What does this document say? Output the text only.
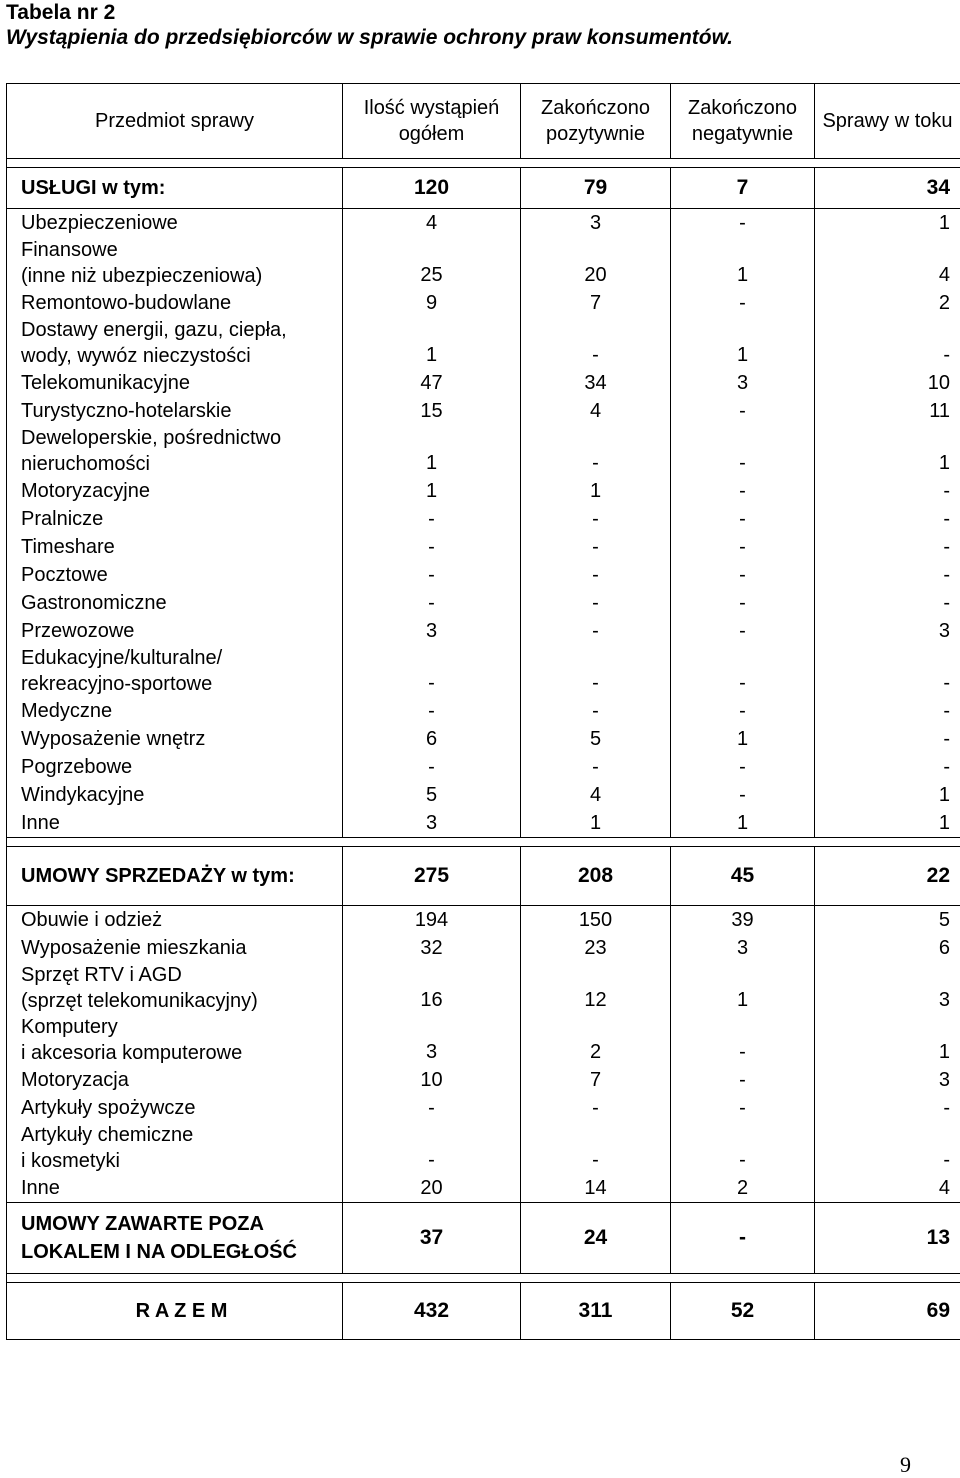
Tabela nr 2
Wystąpienia do przedsiębiorców w sprawie ochrony praw konsumentów.
Przedmiot sprawy	Ilość wystąpień ogółem	Zakończono pozytywnie	Zakończono negatywnie	Sprawy w toku

USŁUGI w tym:	120	79	7	34
Ubezpieczeniowe	4	3	-	1
Finansowe
(inne niż ubezpieczeniowa)	25	20	1	4
Remontowo-budowlane	9	7	-	2
Dostawy energii, gazu, ciepła,
wody, wywóz nieczystości	1	-	1	-
Telekomunikacyjne	47	34	3	10
Turystyczno-hotelarskie	15	4	-	11
Deweloperskie, pośrednictwo
nieruchomości	1	-	-	1
Motoryzacyjne	1	1	-	-
Pralnicze	-	-	-	-
Timeshare	-	-	-	-
Pocztowe	-	-	-	-
Gastronomiczne	-	-	-	-
Przewozowe	3	-	-	3
Edukacyjne/kulturalne/
rekreacyjno-sportowe	-	-	-	-
Medyczne	-	-	-	-
Wyposażenie wnętrz	6	5	1	-
Pogrzebowe	-	-	-	-
Windykacyjne	5	4	-	1
Inne	3	1	1	1

UMOWY SPRZEDAŻY w tym:	275	208	45	22
Obuwie i odzież	194	150	39	5
Wyposażenie mieszkania	32	23	3	6
Sprzęt RTV i AGD
(sprzęt telekomunikacyjny)	16	12	1	3
Komputery
i akcesoria komputerowe	3	2	-	1
Motoryzacja	10	7	-	3
Artykuły spożywcze	-	-	-	-
Artykuły chemiczne
i kosmetyki	-	-	-	-
Inne	20	14	2	4
UMOWY ZAWARTE POZA
LOKALEM I NA ODLEGŁOŚĆ	37	24	-	13

R A Z E M	432	311	52	69
9
